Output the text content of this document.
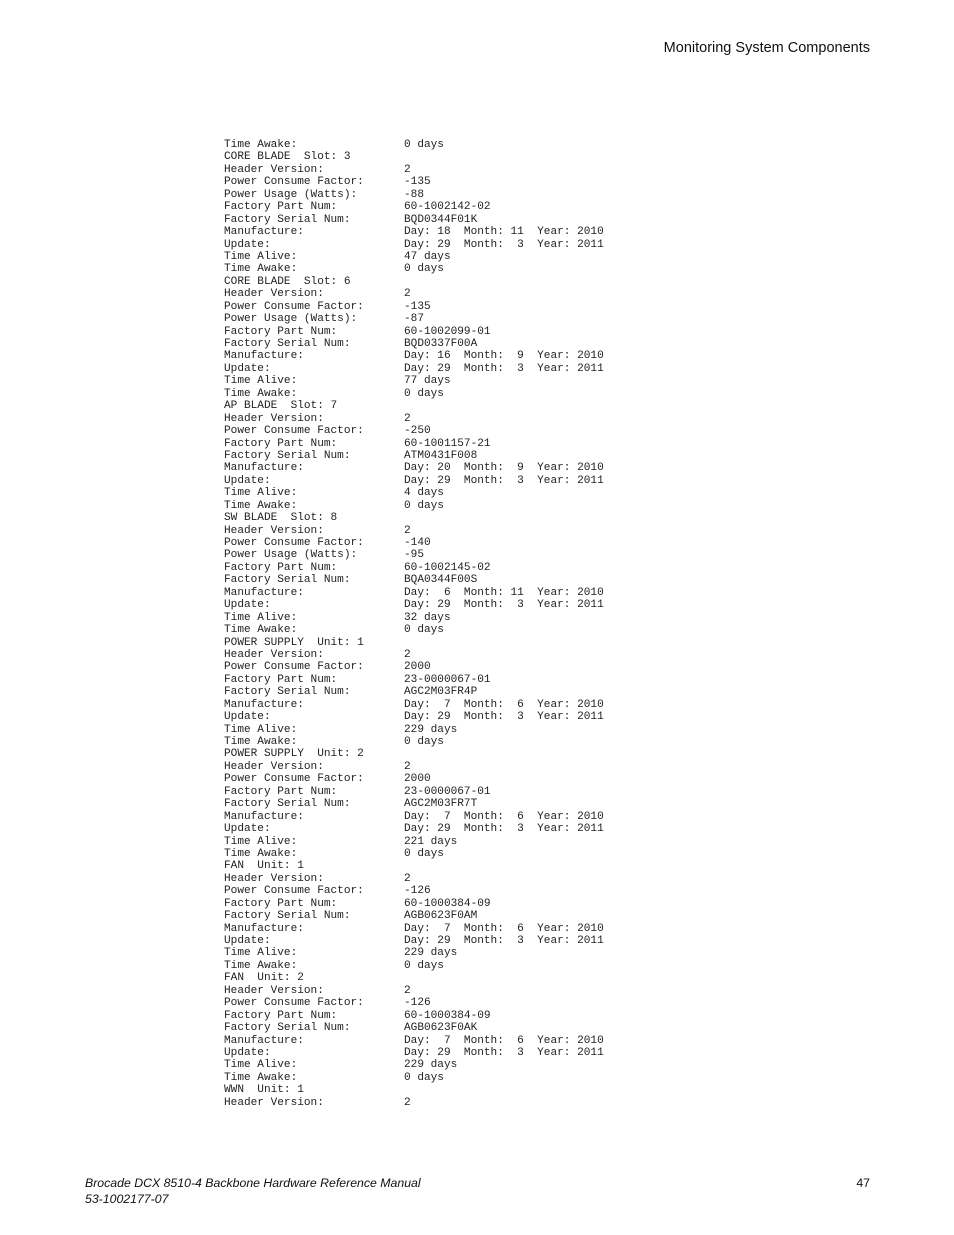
Monitoring System Components
Time Awake:	0 days
CORE BLADE  Slot: 3
Header Version:	2
Power Consume Factor:	-135
Power Usage (Watts):	-88
Factory Part Num:	60-1002142-02
Factory Serial Num:	BQD0344F01K
Manufacture:	Day: 18  Month: 11  Year: 2010
Update:	Day: 29  Month:  3  Year: 2011
Time Alive:	47 days
Time Awake:	0 days
CORE BLADE  Slot: 6
Header Version:	2
Power Consume Factor:	-135
Power Usage (Watts):	-87
Factory Part Num:	60-1002099-01
Factory Serial Num:	BQD0337F00A
Manufacture:	Day: 16  Month:  9  Year: 2010
Update:	Day: 29  Month:  3  Year: 2011
Time Alive:	77 days
Time Awake:	0 days
AP BLADE  Slot: 7
Header Version:	2
Power Consume Factor:	-250
Factory Part Num:	60-1001157-21
Factory Serial Num:	ATM0431F008
Manufacture:	Day: 20  Month:  9  Year: 2010
Update:	Day: 29  Month:  3  Year: 2011
Time Alive:	4 days
Time Awake:	0 days
SW BLADE  Slot: 8
Header Version:	2
Power Consume Factor:	-140
Power Usage (Watts):	-95
Factory Part Num:	60-1002145-02
Factory Serial Num:	BQA0344F00S
Manufacture:	Day:  6  Month: 11  Year: 2010
Update:	Day: 29  Month:  3  Year: 2011
Time Alive:	32 days
Time Awake:	0 days
POWER SUPPLY  Unit: 1
Header Version:	2
Power Consume Factor:	2000
Factory Part Num:	23-0000067-01
Factory Serial Num:	AGC2M03FR4P
Manufacture:	Day:  7  Month:  6  Year: 2010
Update:	Day: 29  Month:  3  Year: 2011
Time Alive:	229 days
Time Awake:	0 days
POWER SUPPLY  Unit: 2
Header Version:	2
Power Consume Factor:	2000
Factory Part Num:	23-0000067-01
Factory Serial Num:	AGC2M03FR7T
Manufacture:	Day:  7  Month:  6  Year: 2010
Update:	Day: 29  Month:  3  Year: 2011
Time Alive:	221 days
Time Awake:	0 days
FAN  Unit: 1
Header Version:	2
Power Consume Factor:	-126
Factory Part Num:	60-1000384-09
Factory Serial Num:	AGB0623F0AM
Manufacture:	Day:  7  Month:  6  Year: 2010
Update:	Day: 29  Month:  3  Year: 2011
Time Alive:	229 days
Time Awake:	0 days
FAN  Unit: 2
Header Version:	2
Power Consume Factor:	-126
Factory Part Num:	60-1000384-09
Factory Serial Num:	AGB0623F0AK
Manufacture:	Day:  7  Month:  6  Year: 2010
Update:	Day: 29  Month:  3  Year: 2011
Time Alive:	229 days
Time Awake:	0 days
WWN  Unit: 1
Header Version:	2
Brocade DCX 8510-4 Backbone Hardware Reference Manual
53-1002177-07
47
